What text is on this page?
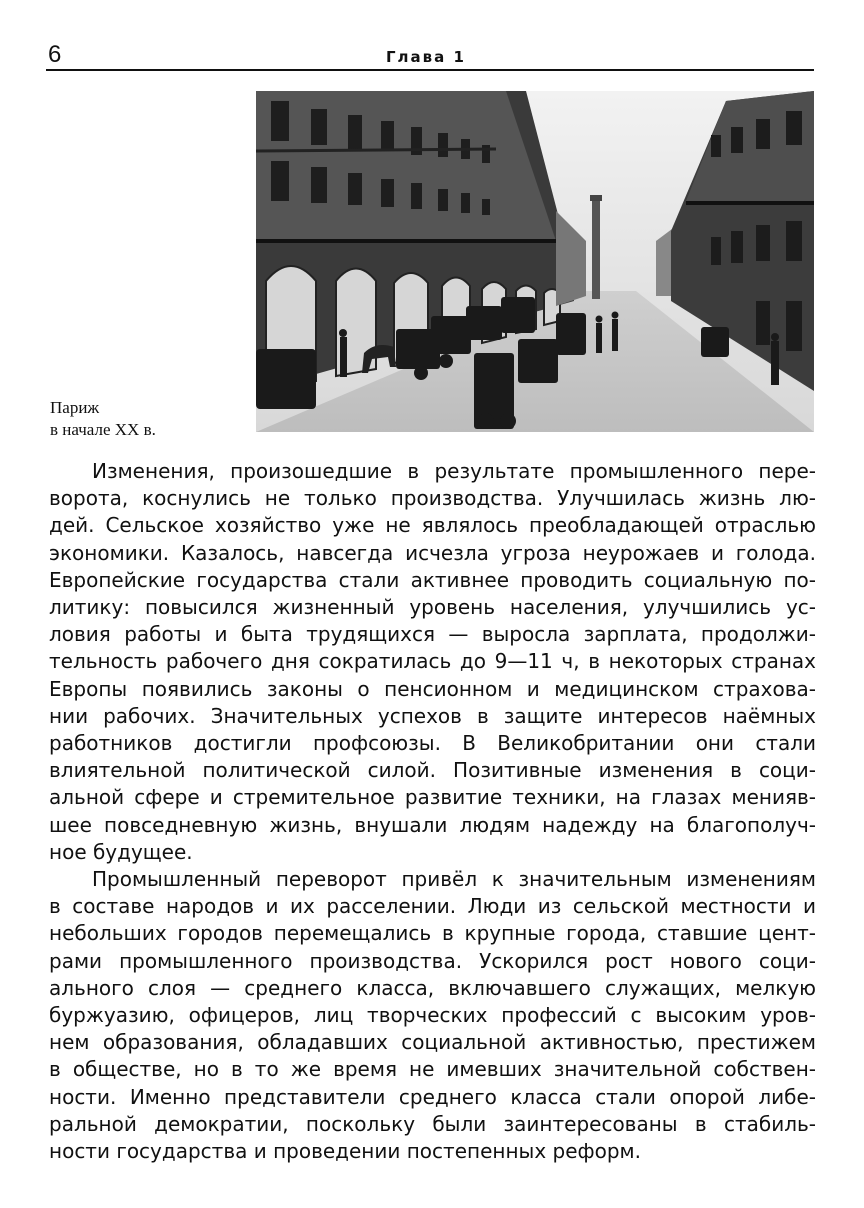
6	Глава 1
Париж
в начале XX в.
Изменения, произошедшие в результате промышленного пере-
ворота, коснулись не только производства. Улучшилась жизнь лю-
дей. Сельское хозяйство уже не являлось преобладающей отраслью
экономики. Казалось, навсегда исчезла угроза неурожаев и голода.
Европейские государства стали активнее проводить социальную по-
литику: повысился жизненный уровень населения, улучшились ус-
ловия работы и быта трудящихся — выросла зарплата, продолжи-
тельность рабочего дня сократилась до 9—11 ч, в некоторых странах
Европы появились законы о пенсионном и медицинском страхова-
нии рабочих. Значительных успехов в защите интересов наёмных
работников достигли профсоюзы. В Великобритании они стали
влиятельной политической силой. Позитивные изменения в соци-
альной сфере и стремительное развитие техники, на глазах менияв-
шее повседневную жизнь, внушали людям надежду на благополуч-
ное будущее.
Промышленный переворот привёл к значительным изменениям
в составе народов и их расселении. Люди из сельской местности и
небольших городов перемещались в крупные города, ставшие цент-
рами промышленного производства. Ускорился рост нового соци-
ального слоя — среднего класса, включавшего служащих, мелкую
буржуазию, офицеров, лиц творческих профессий с высоким уров-
нем образования, обладавших социальной активностью, престижем
в обществе, но в то же время не имевших значительной собствен-
ности. Именно представители среднего класса стали опорой либе-
ральной демократии, поскольку были заинтересованы в стабиль-
ности государства и проведении постепенных реформ.
